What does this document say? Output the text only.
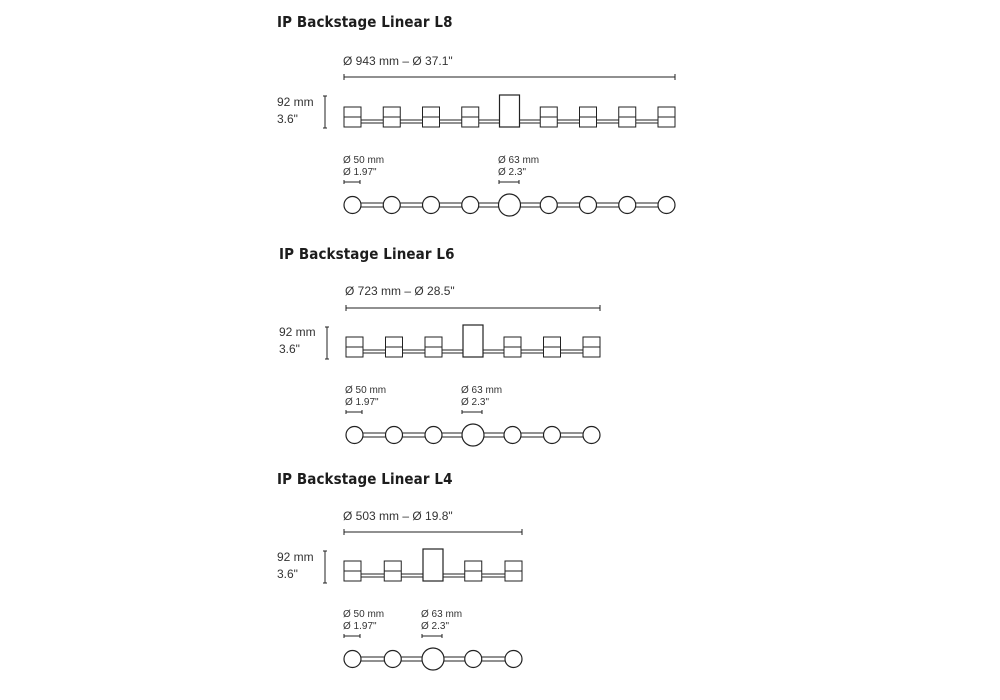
IP Backstage Linear L8
Ø 943 mm – Ø 37.1"
92 mm
3.6"
Ø 50 mm
Ø 1.97"
Ø 63 mm
Ø 2.3"
IP Backstage Linear L6
Ø 723 mm – Ø 28.5"
92 mm
3.6"
Ø 50 mm
Ø 1.97"
Ø 63 mm
Ø 2.3"
IP Backstage Linear L4
Ø 503 mm – Ø 19.8"
92 mm
3.6"
Ø 50 mm
Ø 1.97"
Ø 63 mm
Ø 2.3"
